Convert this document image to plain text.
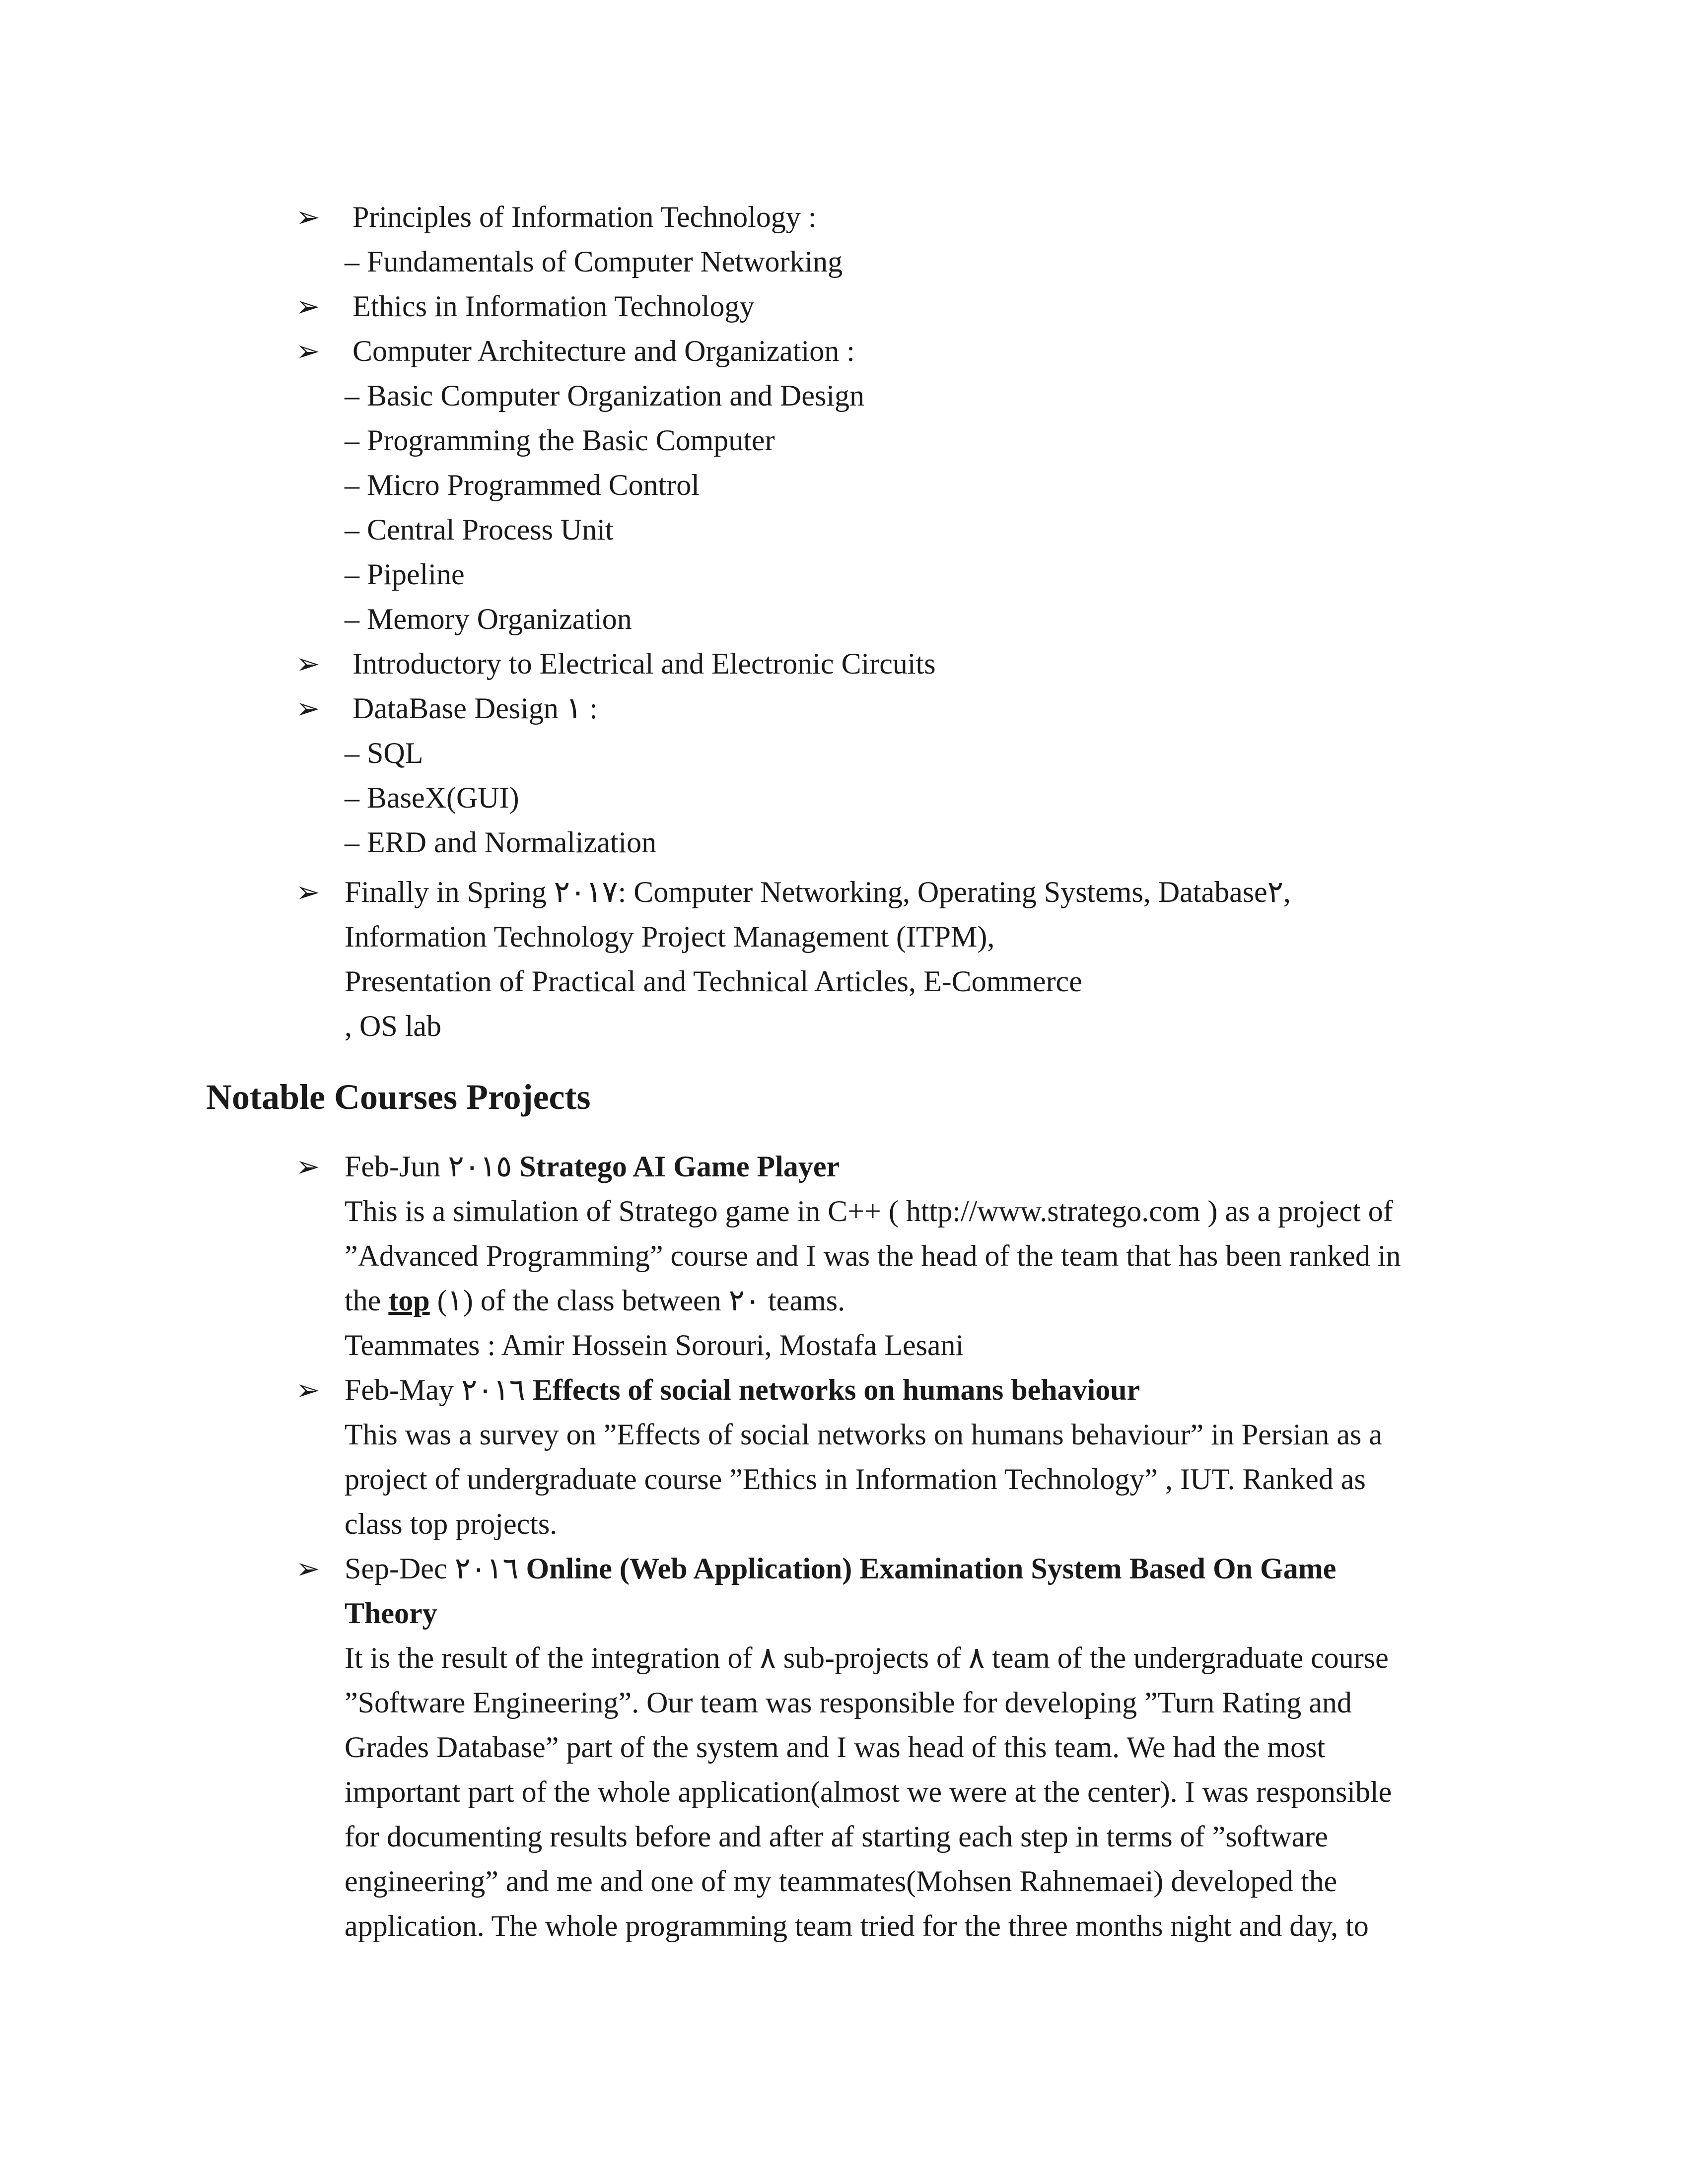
➢ Principles of Information Technology :
– Fundamentals of Computer Networking
➢ Ethics in Information Technology
➢ Computer Architecture and Organization :
– Basic Computer Organization and Design
– Programming the Basic Computer
– Micro Programmed Control
– Central Process Unit
– Pipeline
– Memory Organization
➢ Introductory to Electrical and Electronic Circuits
➢ DataBase Design ١ :
– SQL
– BaseX(GUI)
– ERD and Normalization
➢ Finally in Spring ٢٠١٧: Computer Networking, Operating Systems, Database٢,
Information Technology Project Management (ITPM),
Presentation of Practical and Technical Articles, E-Commerce
, OS lab
Notable Courses Projects
➢ Feb-Jun ٢٠١٥ Stratego AI Game Player
This is a simulation of Stratego game in C++ ( http://www.stratego.com ) as a project of
”Advanced Programming” course and I was the head of the team that has been ranked in
the top (١) of the class between ٢٠ teams.
Teammates : Amir Hossein Sorouri, Mostafa Lesani
➢ Feb-May ٢٠١٦ Effects of social networks on humans behaviour
This was a survey on ”Effects of social networks on humans behaviour” in Persian as a
project of undergraduate course ”Ethics in Information Technology” , IUT. Ranked as
class top projects.
➢ Sep-Dec ٢٠١٦ Online (Web Application) Examination System Based On Game
Theory
It is the result of the integration of ٨ sub-projects of ٨ team of the undergraduate course
”Software Engineering”. Our team was responsible for developing ”Turn Rating and
Grades Database” part of the system and I was head of this team. We had the most
important part of the whole application(almost we were at the center). I was responsible
for documenting results before and after af starting each step in terms of ”software
engineering” and me and one of my teammates(Mohsen Rahnemaei) developed the
application. The whole programming team tried for the three months night and day, to
